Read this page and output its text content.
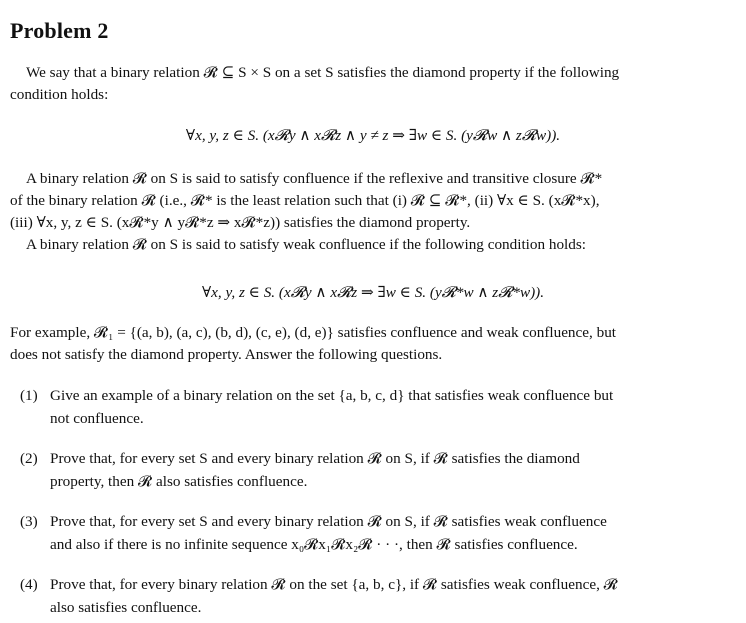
Problem 2
We say that a binary relation 𝓡 ⊆ S × S on a set S satisfies the diamond property if the following
condition holds:
∀x, y, z ∈ S. (x𝓡y ∧ x𝓡z ∧ y ≠ z ⇒ ∃w ∈ S. (y𝓡w ∧ z𝓡w)).
A binary relation 𝓡 on S is said to satisfy confluence if the reflexive and transitive closure 𝓡*
of the binary relation 𝓡 (i.e., 𝓡* is the least relation such that (i) 𝓡 ⊆ 𝓡*, (ii) ∀x ∈ S. (x𝓡*x),
(iii) ∀x, y, z ∈ S. (x𝓡*y ∧ y𝓡*z ⇒ x𝓡*z)) satisfies the diamond property.
A binary relation 𝓡 on S is said to satisfy weak confluence if the following condition holds:
∀x, y, z ∈ S. (x𝓡y ∧ x𝓡z ⇒ ∃w ∈ S. (y𝓡*w ∧ z𝓡*w)).
For example, 𝓡₁ = {(a, b), (a, c), (b, d), (c, e), (d, e)} satisfies confluence and weak confluence, but
does not satisfy the diamond property. Answer the following questions.
(1) Give an example of a binary relation on the set {a, b, c, d} that satisfies weak confluence but
not confluence.
(2) Prove that, for every set S and every binary relation 𝓡 on S, if 𝓡 satisfies the diamond
property, then 𝓡 also satisfies confluence.
(3) Prove that, for every set S and every binary relation 𝓡 on S, if 𝓡 satisfies weak confluence
and also if there is no infinite sequence x₀𝓡x₁𝓡x₂𝓡 · · ·, then 𝓡 satisfies confluence.
(4) Prove that, for every binary relation 𝓡 on the set {a, b, c}, if 𝓡 satisfies weak confluence, 𝓡
also satisfies confluence.
